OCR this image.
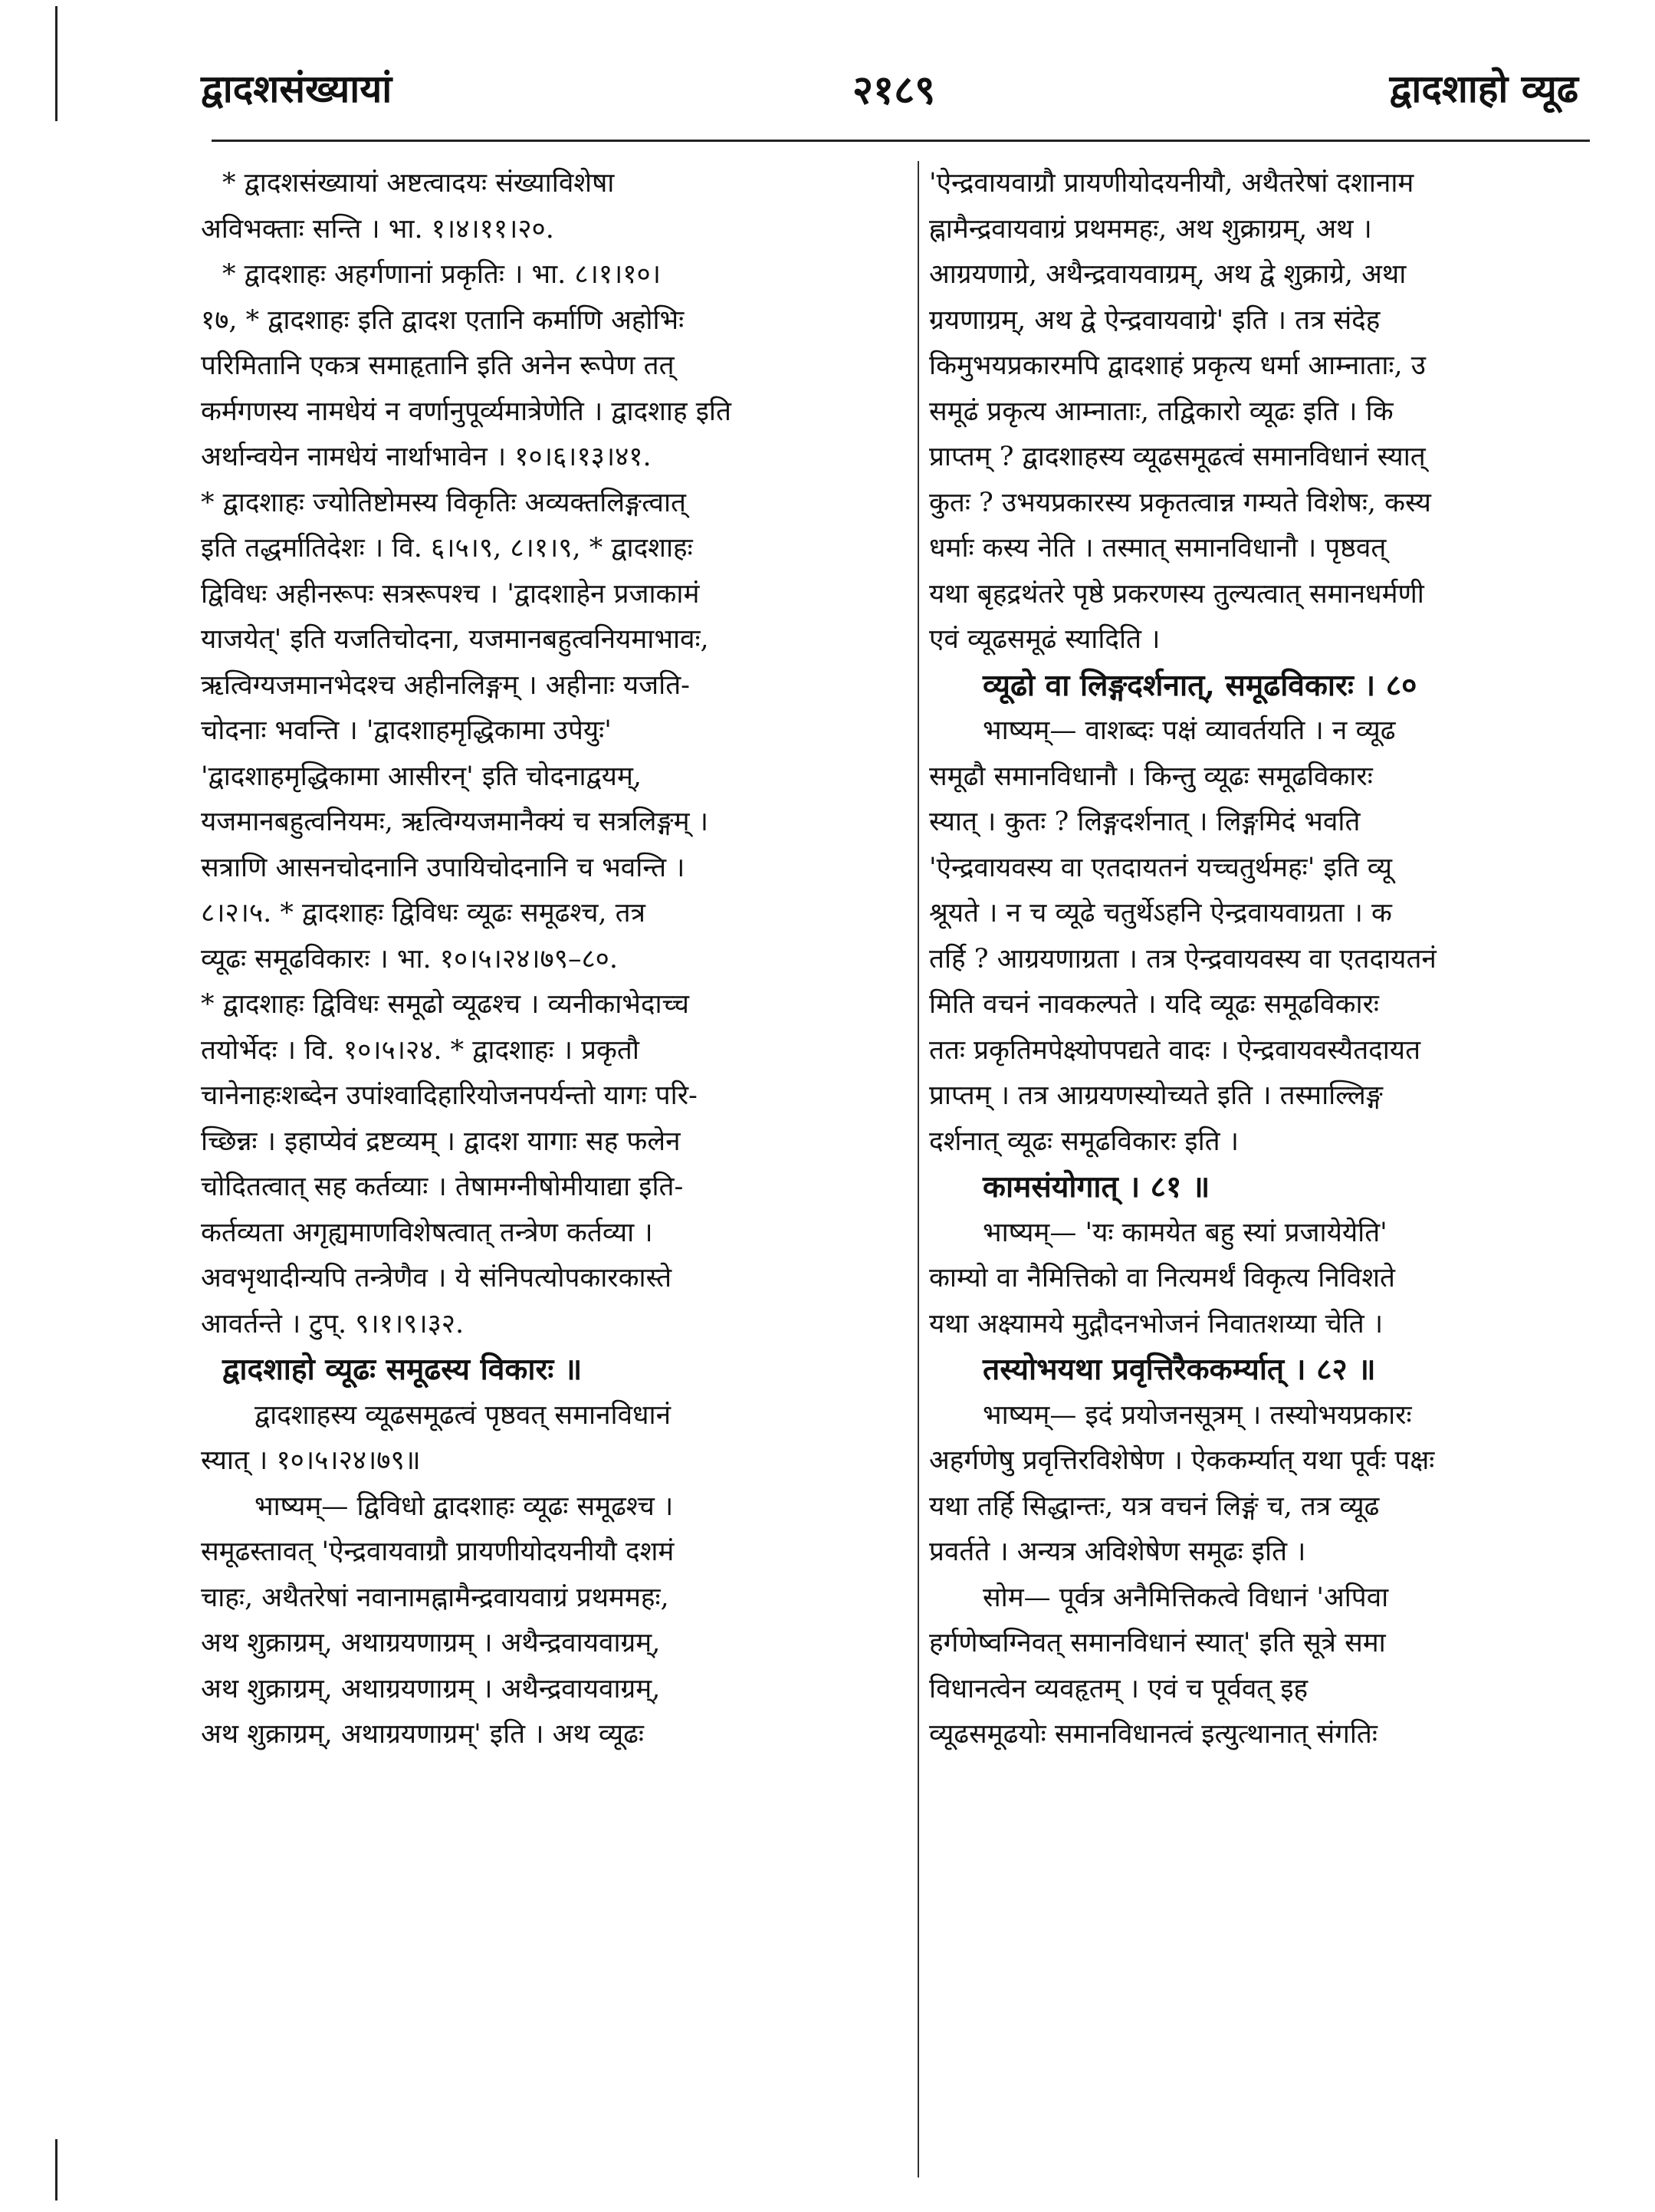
द्वादशसंख्यायां	२१८९	द्वादशाहो व्यूढ
* द्वादशसंख्यायां अष्टत्वादयः संख्याविशेषा
अविभक्ताः सन्ति । भा. १।४।११।२०.
* द्वादशाहः अहर्गणानां प्रकृतिः । भा. ८।१।१०।
१७, * द्वादशाहः इति द्वादश एतानि कर्माणि अहोभिः
परिमितानि एकत्र समाहृतानि इति अनेन रूपेण तत्
कर्मगणस्य नामधेयं न वर्णानुपूर्व्यमात्रेणेति । द्वादशाह इति
अर्थान्वयेन नामधेयं नार्थाभावेन । १०।६।१३।४१.
* द्वादशाहः ज्योतिष्टोमस्य विकृतिः अव्यक्तलिङ्गत्वात्
इति तद्धर्मातिदेशः । वि. ६।५।९, ८।१।९, * द्वादशाहः
द्विविधः अहीनरूपः सत्ररूपश्च । 'द्वादशाहेन प्रजाकामं
याजयेत्' इति यजतिचोदना, यजमानबहुत्वनियमाभावः,
ऋत्विग्यजमानभेदश्च अहीनलिङ्गम् । अहीनाः यजति-
चोदनाः भवन्ति । 'द्वादशाहमृद्धिकामा उपेयुः'
'द्वादशाहमृद्धिकामा आसीरन्' इति चोदनाद्वयम्,
यजमानबहुत्वनियमः, ऋत्विग्यजमानैक्यं च सत्रलिङ्गम् ।
सत्राणि आसनचोदनानि उपायिचोदनानि च भवन्ति ।
८।२।५. * द्वादशाहः द्विविधः व्यूढः समूढश्च, तत्र
व्यूढः समूढविकारः । भा. १०।५।२४।७९–८०.
* द्वादशाहः द्विविधः समूढो व्यूढश्च । व्यनीकाभेदाच्च
तयोर्भेदः । वि. १०।५।२४. * द्वादशाहः । प्रकृतौ
चानेनाहःशब्देन उपांश्वादिहारियोजनपर्यन्तो यागः परि-
च्छिन्नः । इहाप्येवं द्रष्टव्यम् । द्वादश यागाः सह फलेन
चोदितत्वात् सह कर्तव्याः । तेषामग्नीषोमीयाद्या इति-
कर्तव्यता अगृह्यमाणविशेषत्वात् तन्त्रेण कर्तव्या ।
अवभृथादीन्यपि तन्त्रेणैव । ये संनिपत्योपकारकास्ते
आवर्तन्ते । टुप्. ९।१।९।३२.
द्वादशाहो व्यूढः समूढस्य विकारः ॥
द्वादशाहस्य व्यूढसमूढत्वं पृष्ठवत् समानविधानं
स्यात् । १०।५।२४।७९॥
भाष्यम्— द्विविधो द्वादशाहः व्यूढः समूढश्च ।
समूढस्तावत् 'ऐन्द्रवायवाग्रौ प्रायणीयोदयनीयौ दशमं
चाहः, अथैतरेषां नवानामह्नामैन्द्रवायवाग्रं प्रथममहः,
अथ शुक्राग्रम्, अथाग्रयणाग्रम् । अथैन्द्रवायवाग्रम्,
अथ शुक्राग्रम्, अथाग्रयणाग्रम् । अथैन्द्रवायवाग्रम्,
अथ शुक्राग्रम्, अथाग्रयणाग्रम्' इति । अथ व्यूढः
'ऐन्द्रवायवाग्रौ प्रायणीयोदयनीयौ, अथैतरेषां दशानाम
ह्नामैन्द्रवायवाग्रं प्रथममहः, अथ शुक्राग्रम्, अथ ।
आग्रयणाग्रे, अथैन्द्रवायवाग्रम्, अथ द्वे शुक्राग्रे, अथा
ग्रयणाग्रम्, अथ द्वे ऐन्द्रवायवाग्रे' इति । तत्र संदेह
किमुभयप्रकारमपि द्वादशाहं प्रकृत्य धर्मा आम्नाताः, उ
समूढं प्रकृत्य आम्नाताः, तद्विकारो व्यूढः इति । कि
प्राप्तम् ? द्वादशाहस्य व्यूढसमूढत्वं समानविधानं स्यात्
कुतः ? उभयप्रकारस्य प्रकृतत्वान्न गम्यते विशेषः, कस्य
धर्माः कस्य नेति । तस्मात् समानविधानौ । पृष्ठवत्
यथा बृहद्रथंतरे पृष्ठे प्रकरणस्य तुल्यत्वात् समानधर्मणी
एवं व्यूढसमूढं स्यादिति ।
व्यूढो वा लिङ्गदर्शनात्, समूढविकारः । ८०
भाष्यम्— वाशब्दः पक्षं व्यावर्तयति । न व्यूढ
समूढौ समानविधानौ । किन्तु व्यूढः समूढविकारः
स्यात् । कुतः ? लिङ्गदर्शनात् । लिङ्गमिदं भवति
'ऐन्द्रवायवस्य वा एतदायतनं यच्चतुर्थमहः' इति व्यू
श्रूयते । न च व्यूढे चतुर्थेऽहनि ऐन्द्रवायवाग्रता । क
तर्हि ? आग्रयणाग्रता । तत्र ऐन्द्रवायवस्य वा एतदायतनं
मिति वचनं नावकल्पते । यदि व्यूढः समूढविकारः
ततः प्रकृतिमपेक्ष्योपपद्यते वादः । ऐन्द्रवायवस्यैतदायत
प्राप्तम् । तत्र आग्रयणस्योच्यते इति । तस्माल्लिङ्ग
दर्शनात् व्यूढः समूढविकारः इति ।
कामसंयोगात् । ८१ ॥
भाष्यम्— 'यः कामयेत बहु स्यां प्रजायेयेति'
काम्यो वा नैमित्तिको वा नित्यमर्थं विकृत्य निविशते
यथा अक्ष्यामये मुद्गौदनभोजनं निवातशय्या चेति ।
तस्योभयथा प्रवृत्तिरैककर्म्यात् । ८२ ॥
भाष्यम्— इदं प्रयोजनसूत्रम् । तस्योभयप्रकारः
अहर्गणेषु प्रवृत्तिरविशेषेण । ऐककर्म्यात् यथा पूर्वः पक्षः
यथा तर्हि सिद्धान्तः, यत्र वचनं लिङ्गं च, तत्र व्यूढ
प्रवर्तते । अन्यत्र अविशेषेण समूढः इति ।
सोम— पूर्वत्र अनैमित्तिकत्वे विधानं 'अपिवा
हर्गणेष्वग्निवत् समानविधानं स्यात्' इति सूत्रे समा
विधानत्वेन व्यवहृतम् । एवं च पूर्ववत् इह
व्यूढसमूढयोः समानविधानत्वं इत्युत्थानात् संगतिः
